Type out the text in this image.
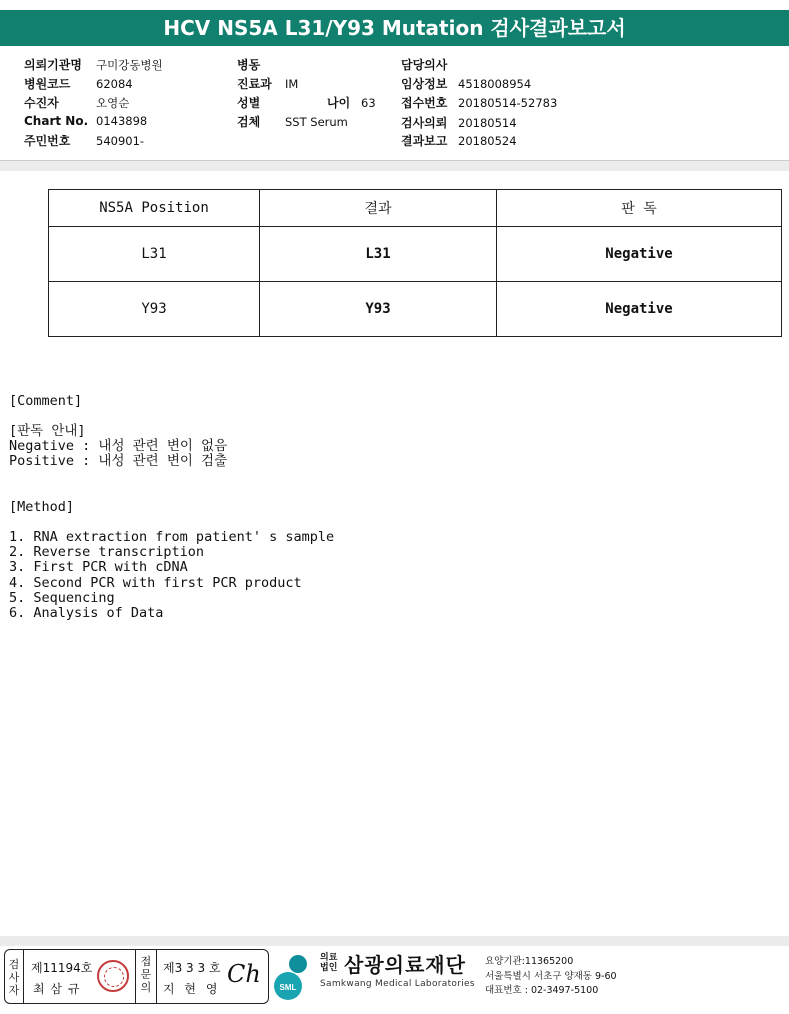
HCV NS5A L31/Y93 Mutation 검사결과보고서
의뢰기관명 구미강동병원
병원코드 62084
수진자	오영순
Chart No. 0143898
주민번호 540901-
병동
진료과 IM
성별	나이 63
검체 SST Serum
담당의사
임상정보 4518008954
접수번호 20180514-52783
검사의뢰 20180514
결과보고 20180524
NS5A Position	결과	판 독
L31	L31	Negative
Y93	Y93	Negative
[Comment]
[판독 안내]
Negative : 내성 관련 변이 없음
Positive : 내성 관련 변이 검출
[Method]
1. RNA extraction from patient' s sample
2. Reverse transcription
3. First PCR with cDNA
4. Second PCR with first PCR product
5. Sequencing
6. Analysis of Data
검사자
제11194호
최 삼 규
접문의
제3 3 3 호
지 현 영
Ch SML
의료
법인 삼광의료재단
Samkwang Medical Laboratories
요양기관:11365200
서울특별시 서초구 양재동 9-60
대표번호 : 02-3497-5100
